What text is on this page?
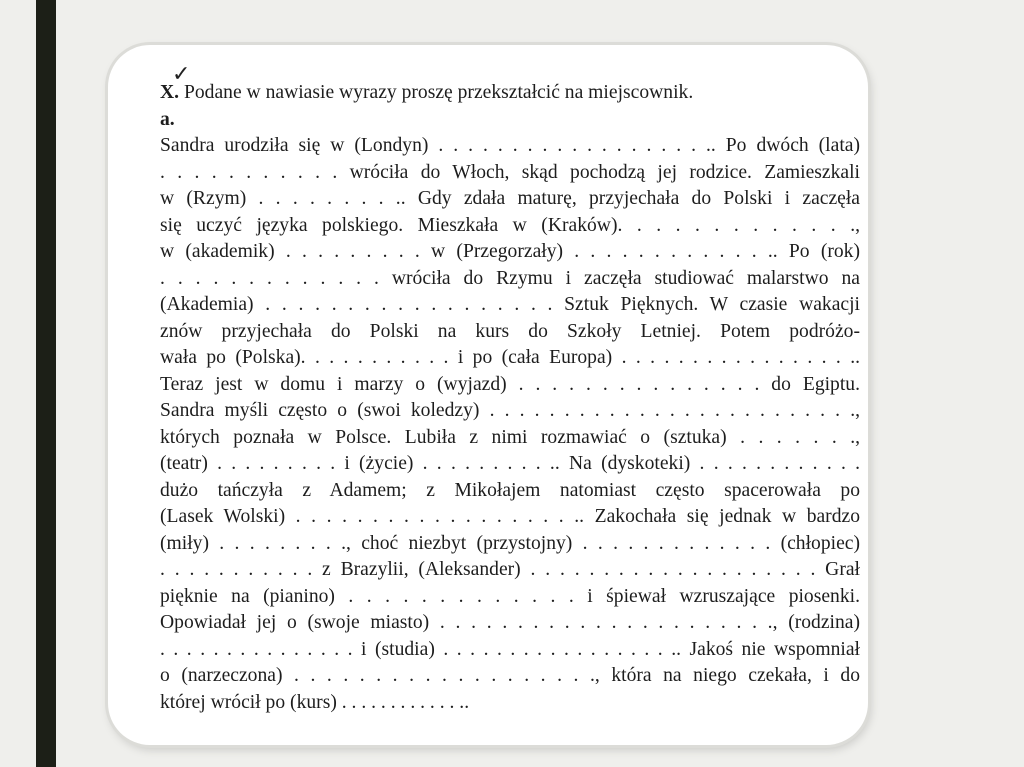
✓
X. Podane w nawiasie wyrazy proszę przekształcić na miejscownik.
a.
Sandra urodziła się w (Londyn) . . . . . . . . . . . . . . . . . . .. Po dwóch (lata)
. . . . . . . . . . . wróciła do Włoch, skąd pochodzą jej rodzice. Zamieszkali
w (Rzym) . . . . . . . . .. Gdy zdała maturę, przyjechała do Polski i zaczęła
się uczyć języka polskiego. Mieszkała w (Kraków). . . . . . . . . . . . .,
w (akademik) . . . . . . . . . w (Przegorzały) . . . . . . . . . . . . .. Po (rok)
. . . . . . . . . . . . . wróciła do Rzymu i zaczęła studiować malarstwo na
(Akademia) . . . . . . . . . . . . . . . . . . Sztuk Pięknych. W czasie wakacji
znów przyjechała do Polski na kurs do Szkoły Letniej. Potem podróżo-
wała po (Polska). . . . . . . . . . . i po (cała Europa) . . . . . . . . . . . . . . . . ..
Teraz jest w domu i marzy o (wyjazd) . . . . . . . . . . . . . . . do Egiptu.
Sandra myśli często o (swoi koledzy) . . . . . . . . . . . . . . . . . . . . . . . . .,
których poznała w Polsce. Lubiła z nimi rozmawiać o (sztuka) . . . . . . .,
(teatr) . . . . . . . . . i (życie) . . . . . . . . . .. Na (dyskoteki) . . . . . . . . . . . .
dużo tańczyła z Adamem; z Mikołajem natomiast często spacerowała po
(Lasek Wolski) . . . . . . . . . . . . . . . . . . .. Zakochała się jednak w bardzo
(miły) . . . . . . . . ., choć niezbyt (przystojny) . . . . . . . . . . . . . (chłopiec)
. . . . . . . . . . . z Brazylii, (Aleksander) . . . . . . . . . . . . . . . . . . . . Grał
pięknie na (pianino) . . . . . . . . . . . . . i śpiewał wzruszające piosenki.
Opowiadał jej o (swoje miasto) . . . . . . . . . . . . . . . . . . . . . ., (rodzina)
. . . . . . . . . . . . . . . i (studia) . . . . . . . . . . . . . . . . . .. Jakoś nie wspomniał
o (narzeczona) . . . . . . . . . . . . . . . . . . ., która na niego czekała, i do
której wrócił po (kurs) . . . . . . . . . . . . ..
